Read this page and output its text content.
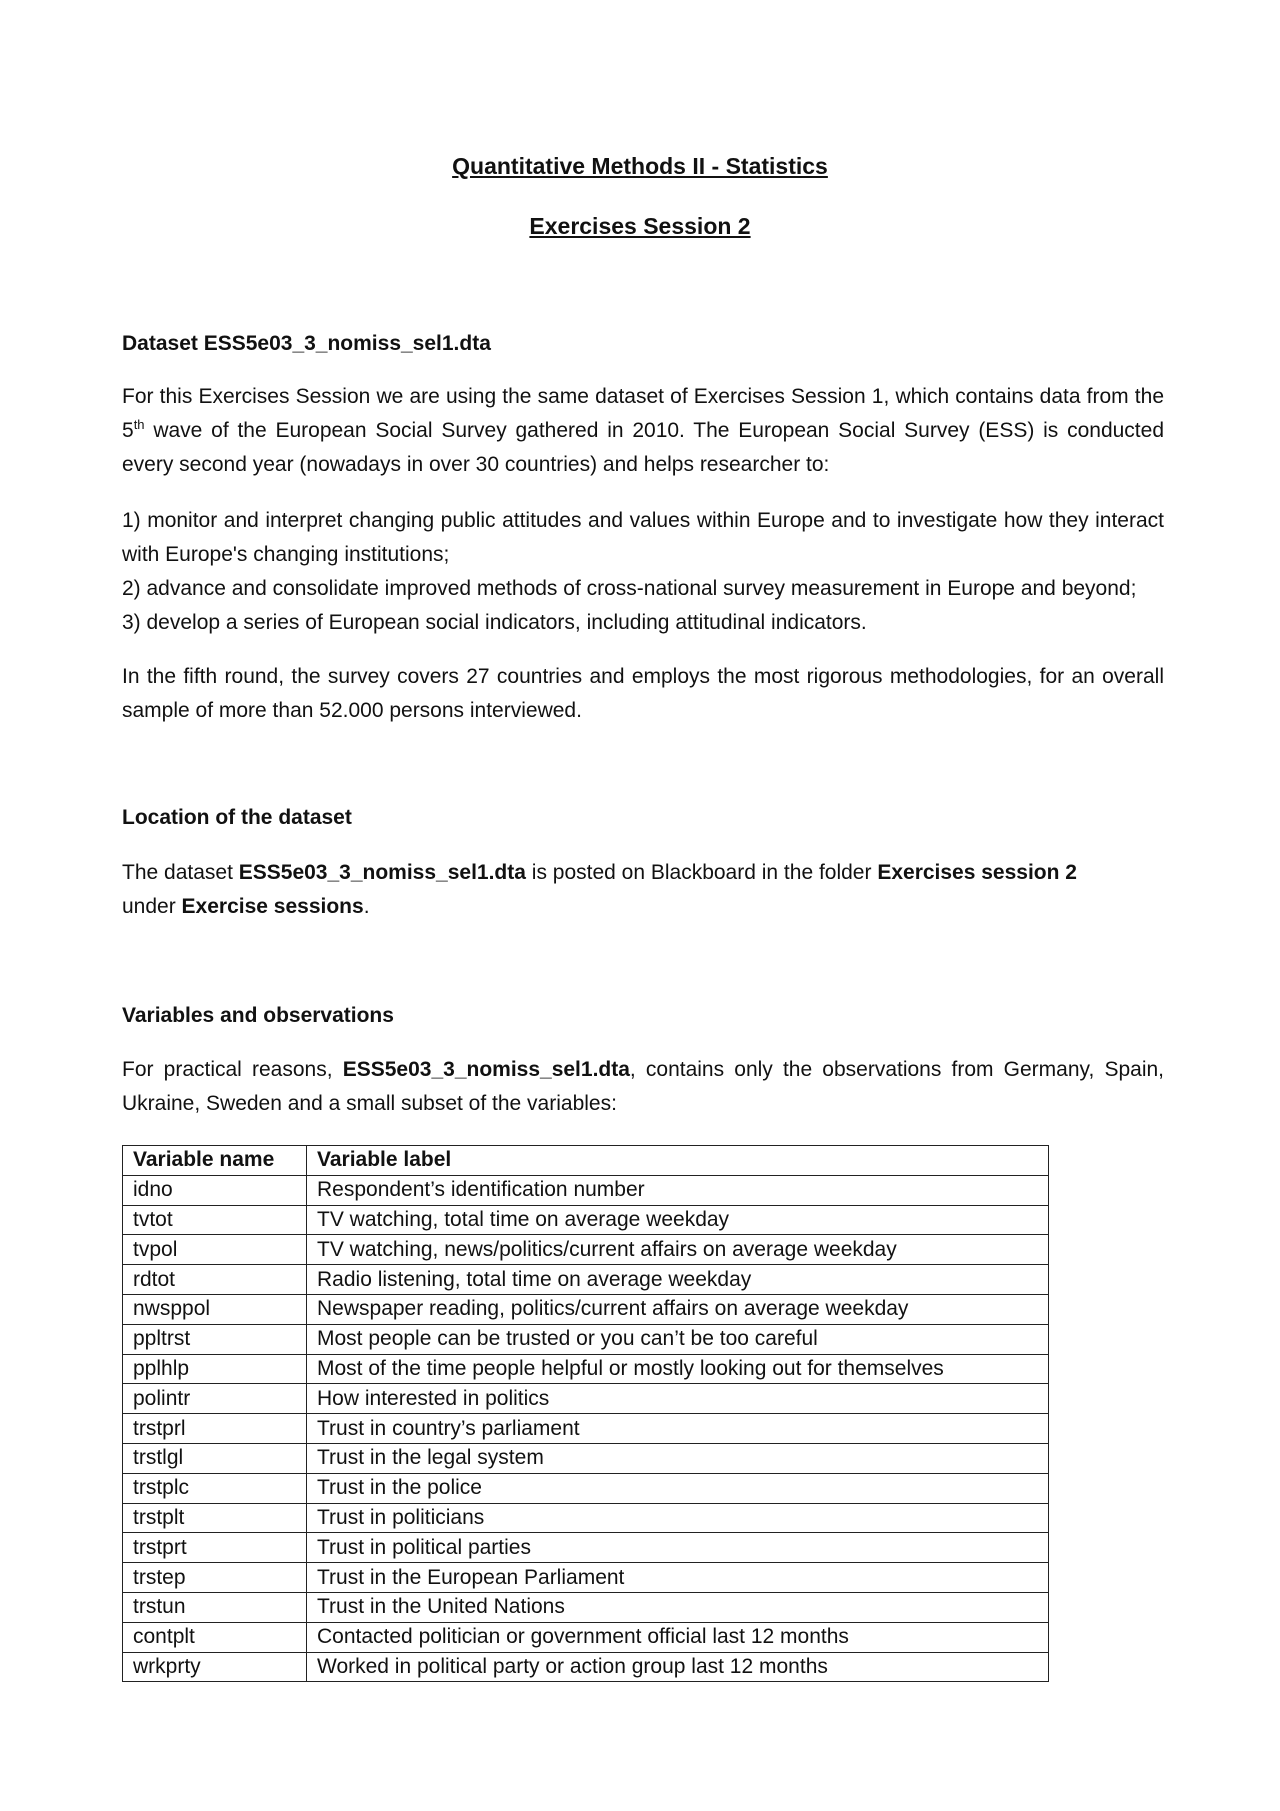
Quantitative Methods II - Statistics
Exercises Session 2

Dataset ESS5e03_3_nomiss_sel1.dta

For this Exercises Session we are using the same dataset of Exercises Session 1, which contains data from the 5th wave of the European Social Survey gathered in 2010. The European Social Survey (ESS) is conducted every second year (nowadays in over 30 countries) and helps researcher to:

1) monitor and interpret changing public attitudes and values within Europe and to investigate how they interact with Europe's changing institutions;

2) advance and consolidate improved methods of cross-national survey measurement in Europe and beyond;

3) develop a series of European social indicators, including attitudinal indicators.

In the fifth round, the survey covers 27 countries and employs the most rigorous methodologies, for an overall sample of more than 52.000 persons interviewed.

Location of the dataset

The dataset ESS5e03_3_nomiss_sel1.dta is posted on Blackboard in the folder Exercises session 2
under Exercise sessions.

Variables and observations

For practical reasons, ESS5e03_3_nomiss_sel1.dta, contains only the observations from Germany, Spain, Ukraine, Sweden and a small subset of the variables:

Variable name	Variable label
idno	Respondent’s identification number
tvtot	TV watching, total time on average weekday
tvpol	TV watching, news/politics/current affairs on average weekday
rdtot	Radio listening, total time on average weekday
nwsppol	Newspaper reading, politics/current affairs on average weekday
ppltrst	Most people can be trusted or you can’t be too careful
pplhlp	Most of the time people helpful or mostly looking out for themselves
polintr	How interested in politics
trstprl	Trust in country’s parliament
trstlgl	Trust in the legal system
trstplc	Trust in the police
trstplt	Trust in politicians
trstprt	Trust in political parties
trstep	Trust in the European Parliament
trstun	Trust in the United Nations
contplt	Contacted politician or government official last 12 months
wrkprty	Worked in political party or action group last 12 months
